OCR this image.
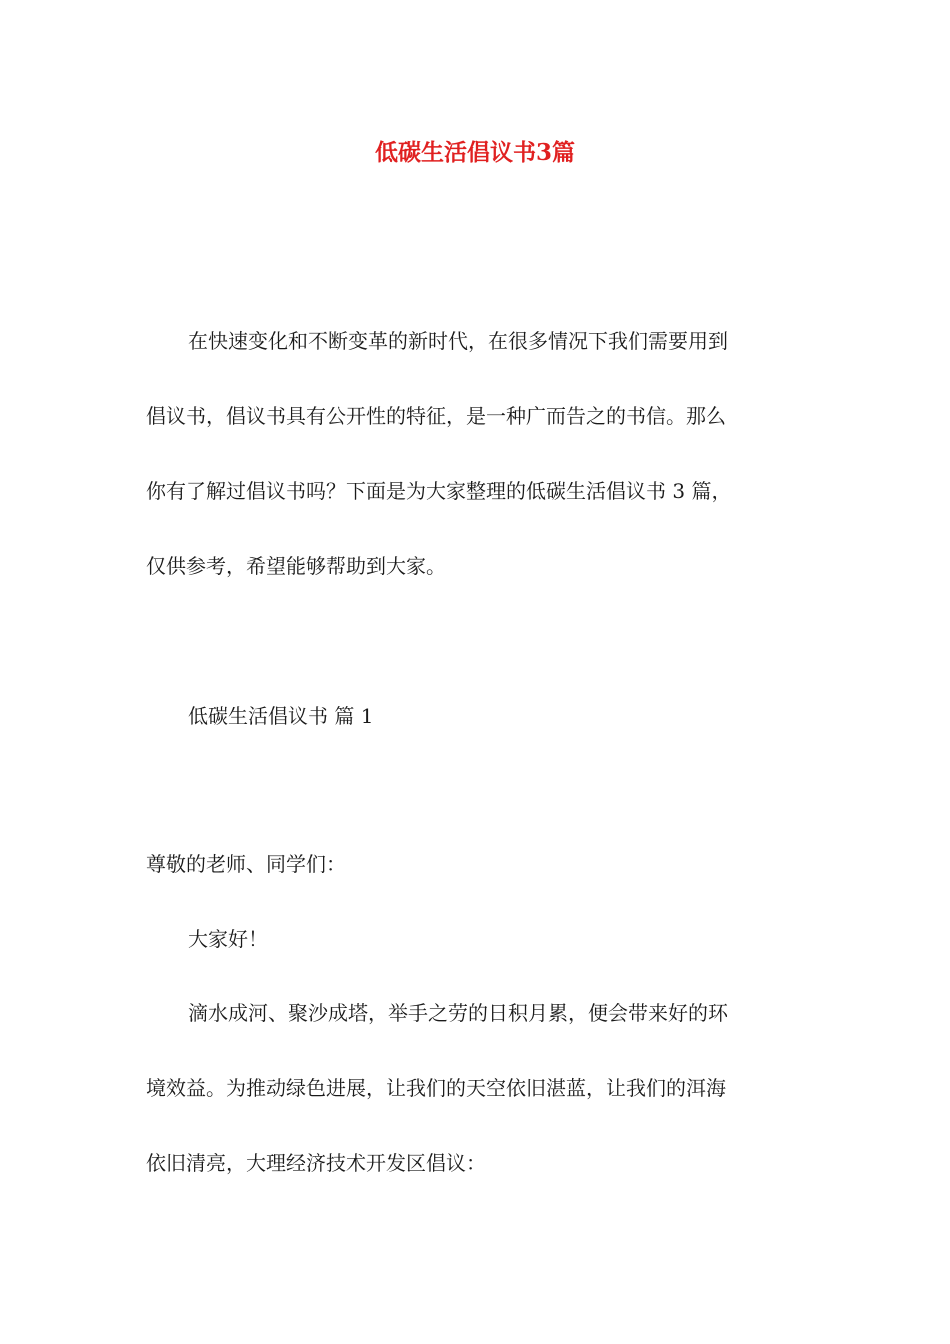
低碳生活倡议书3篇

在快速变化和不断变革的新时代，在很多情况下我们需要用到

倡议书，倡议书具有公开性的特征，是一种广而告之的书信。那么

你有了解过倡议书吗？下面是为大家整理的低碳生活倡议书 3 篇，

仅供参考，希望能够帮助到大家。

低碳生活倡议书 篇 1

尊敬的老师、同学们：

大家好！

滴水成河、聚沙成塔，举手之劳的日积月累，便会带来好的环

境效益。为推动绿色进展，让我们的天空依旧湛蓝，让我们的洱海

依旧清亮，大理经济技术开发区倡议：
